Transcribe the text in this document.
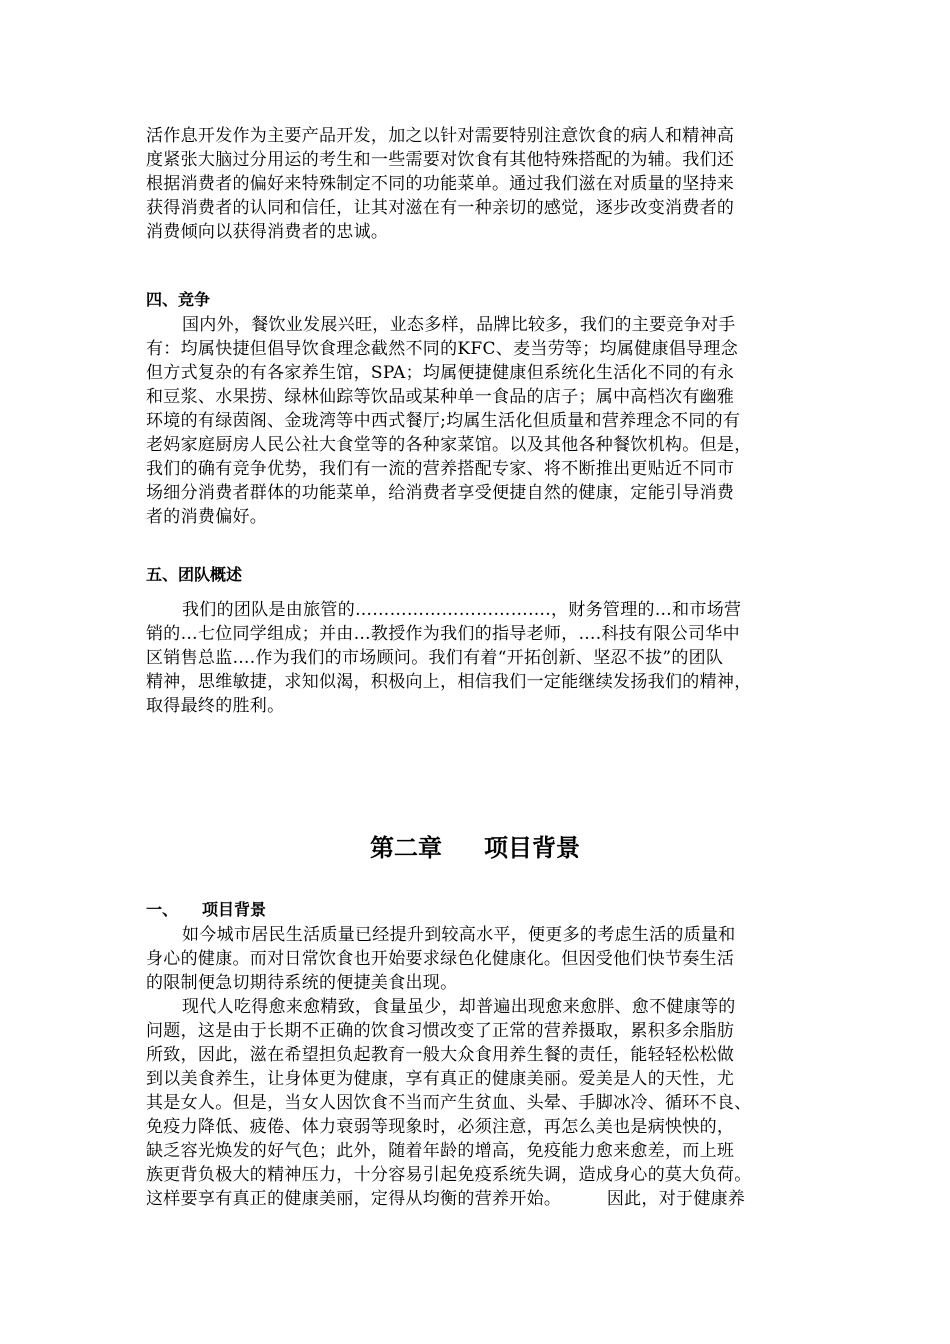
活作息开发作为主要产品开发，加之以针对需要特别注意饮食的病人和精神高
度紧张大脑过分用运的考生和一些需要对饮食有其他特殊搭配的为辅。我们还
根据消费者的偏好来特殊制定不同的功能菜单。通过我们滋在对质量的坚持来
获得消费者的认同和信任，让其对滋在有一种亲切的感觉，逐步改变消费者的
消费倾向以获得消费者的忠诚。
四、竞争
国内外，餐饮业发展兴旺，业态多样，品牌比较多，我们的主要竞争对手
有：均属快捷但倡导饮食理念截然不同的KFC、麦当劳等；均属健康倡导理念
但方式复杂的有各家养生馆，SPA；均属便捷健康但系统化生活化不同的有永
和豆浆、水果捞、绿林仙踪等饮品或某种单一食品的店子；属中高档次有幽雅
环境的有绿茵阁、金珑湾等中西式餐厅;均属生活化但质量和营养理念不同的有
老妈家庭厨房人民公社大食堂等的各种家菜馆。以及其他各种餐饮机构。但是，
我们的确有竞争优势，我们有一流的营养搭配专家、将不断推出更贴近不同市
场细分消费者群体的功能菜单，给消费者享受便捷自然的健康，定能引导消费
者的消费偏好。
五、团队概述
我们的团队是由旅管的…………………………….，财务管理的…和市场营
销的…七位同学组成；并由…教授作为我们的指导老师，….科技有限公司华中
区销售总监….作为我们的市场顾问。我们有着“开拓创新、坚忍不拔”的团队
精神，思维敏捷，求知似渴，积极向上，相信我们一定能继续发扬我们的精神，
取得最终的胜利。
第二章 项目背景
一、 项目背景
如今城市居民生活质量已经提升到较高水平，便更多的考虑生活的质量和
身心的健康。而对日常饮食也开始要求绿色化健康化。但因受他们快节奏生活
的限制便急切期待系统的便捷美食出现。
现代人吃得愈来愈精致，食量虽少，却普遍出现愈来愈胖、愈不健康等的
问题，这是由于长期不正确的饮食习惯改变了正常的营养摄取，累积多余脂肪
所致，因此，滋在希望担负起教育一般大众食用养生餐的责任，能轻轻松松做
到以美食养生，让身体更为健康，享有真正的健康美丽。爱美是人的天性，尤
其是女人。但是，当女人因饮食不当而产生贫血、头晕、手脚冰冷、循环不良、
免疫力降低、疲倦、体力衰弱等现象时，必须注意，再怎么美也是病怏怏的，
缺乏容光焕发的好气色；此外，随着年龄的增高，免疫能力愈来愈差，而上班
族更背负极大的精神压力，十分容易引起免疫系统失调，造成身心的莫大负荷。
这样要享有真正的健康美丽，定得从均衡的营养开始。        因此，对于健康养
